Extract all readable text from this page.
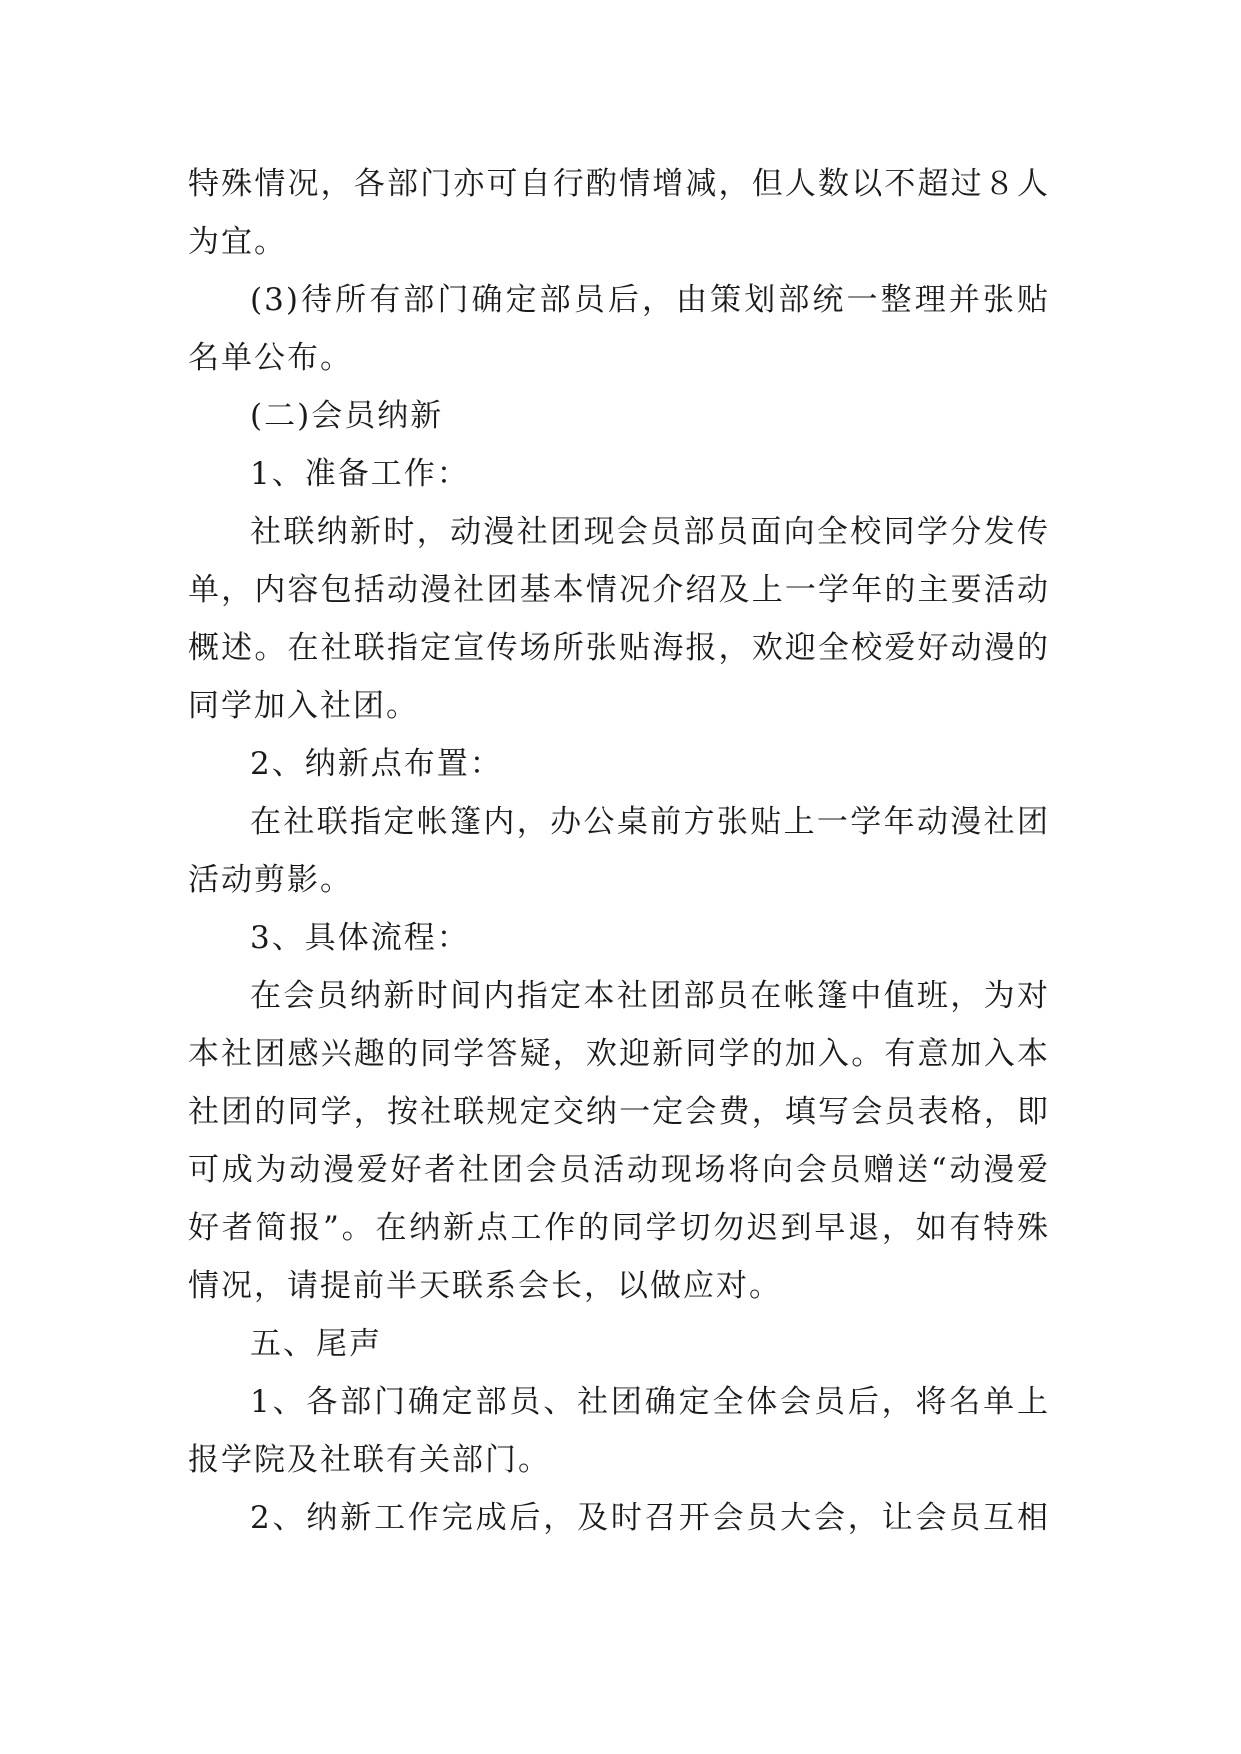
特殊情况，各部门亦可自行酌情增减，但人数以不超过８人
为宜。
(3)待所有部门确定部员后，由策划部统一整理并张贴
名单公布。
(二)会员纳新
1、准备工作：
社联纳新时，动漫社团现会员部员面向全校同学分发传
单，内容包括动漫社团基本情况介绍及上一学年的主要活动
概述。在社联指定宣传场所张贴海报，欢迎全校爱好动漫的
同学加入社团。
2、纳新点布置：
在社联指定帐篷内，办公桌前方张贴上一学年动漫社团
活动剪影。
3、具体流程：
在会员纳新时间内指定本社团部员在帐篷中值班，为对
本社团感兴趣的同学答疑，欢迎新同学的加入。有意加入本
社团的同学，按社联规定交纳一定会费，填写会员表格，即
可成为动漫爱好者社团会员活动现场将向会员赠送“动漫爱
好者简报”。在纳新点工作的同学切勿迟到早退，如有特殊
情况，请提前半天联系会长，以做应对。
五、尾声
1、各部门确定部员、社团确定全体会员后，将名单上
报学院及社联有关部门。
2、纳新工作完成后，及时召开会员大会，让会员互相
